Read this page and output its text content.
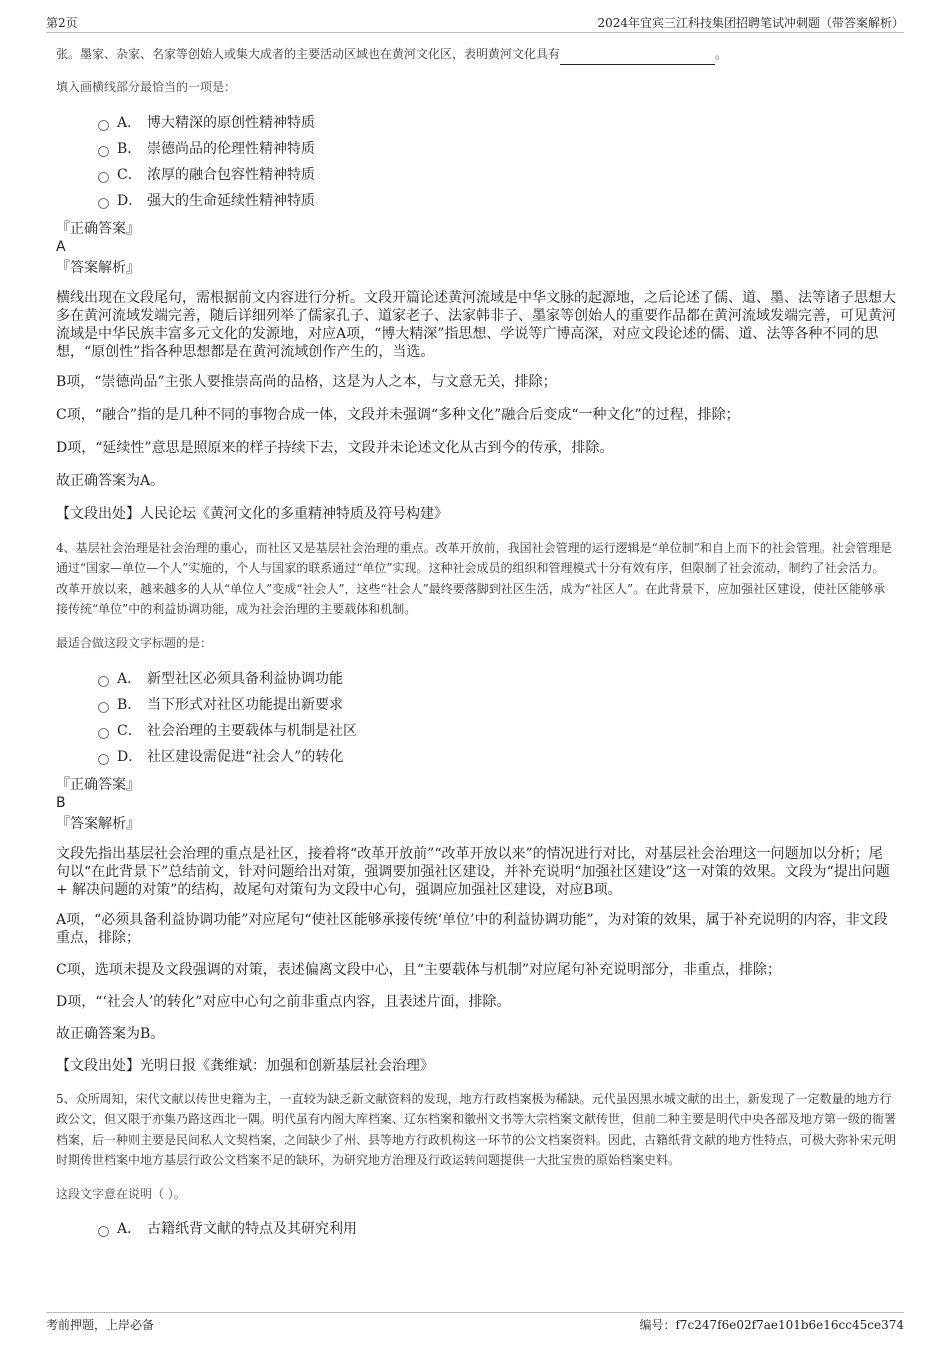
第2页	2024年宜宾三江科技集团招聘笔试冲刺题（带答案解析）

张。墨家、杂家、名家等创始人或集大成者的主要活动区域也在黄河文化区，表明黄河文化具有	。

填入画横线部分最恰当的一项是：

A． 博大精深的原创性精神特质
B． 崇德尚品的伦理性精神特质
C． 浓厚的融合包容性精神特质
D． 强大的生命延续性精神特质

『正确答案』

A

『答案解析』

横线出现在文段尾句，需根据前文内容进行分析。文段开篇论述黄河流域是中华文脉的起源地，之后论述了儒、道、墨、法等诸子思想大多在黄河流域发端完善，随后详细列举了儒家孔子、道家老子、法家韩非子、墨家等创始人的重要作品都在黄河流域发端完善，可见黄河流域是中华民族丰富多元文化的发源地，对应A项，“博大精深”指思想、学说等广博高深，对应文段论述的儒、道、法等各种不同的思想，“原创性”指各种思想都是在黄河流域创作产生的，当选。

B项，“崇德尚品”主张人要推崇高尚的品格，这是为人之本，与文意无关，排除；

C项，“融合”指的是几种不同的事物合成一体，文段并未强调“多种文化”融合后变成“一种文化”的过程，排除；

D项，“延续性”意思是照原来的样子持续下去，文段并未论述文化从古到今的传承，排除。

故正确答案为A。

【文段出处】人民论坛《黄河文化的多重精神特质及符号构建》

4、基层社会治理是社会治理的重心，而社区又是基层社会治理的重点。改革开放前，我国社会管理的运行逻辑是“单位制”和自上而下的社会管理。社会管理是通过“国家—单位—个人”实施的，个人与国家的联系通过“单位”实现。这种社会成员的组织和管理模式十分有效有序，但限制了社会流动，制约了社会活力。改革开放以来，越来越多的人从“单位人”变成“社会人”，这些“社会人”最终要落脚到社区生活，成为“社区人”。在此背景下，应加强社区建设，使社区能够承接传统“单位”中的利益协调功能，成为社会治理的主要载体和机制。

最适合做这段文字标题的是：

A． 新型社区必须具备利益协调功能
B． 当下形式对社区功能提出新要求
C． 社会治理的主要载体与机制是社区
D． 社区建设需促进“社会人”的转化

『正确答案』

B

『答案解析』

文段先指出基层社会治理的重点是社区，接着将“改革开放前”“改革开放以来”的情况进行对比，对基层社会治理这一问题加以分析；尾句以“在此背景下”总结前文，针对问题给出对策，强调要加强社区建设，并补充说明“加强社区建设”这一对策的效果。文段为“提出问题 + 解决问题的对策”的结构，故尾句对策句为文段中心句，强调应加强社区建设，对应B项。

A项，“必须具备利益协调功能”对应尾句“使社区能够承接传统‘单位’中的利益协调功能”，为对策的效果，属于补充说明的内容，非文段重点，排除；

C项，选项未提及文段强调的对策，表述偏离文段中心，且“主要载体与机制”对应尾句补充说明部分，非重点，排除；

D项，“‘社会人’的转化”对应中心句之前非重点内容，且表述片面，排除。

故正确答案为B。

【文段出处】光明日报《龚维斌：加强和创新基层社会治理》

5、众所周知，宋代文献以传世史籍为主，一直较为缺乏新文献资料的发现，地方行政档案极为稀缺。元代虽因黑水城文献的出土，新发现了一定数量的地方行政公文，但又限于亦集乃路这西北一隅。明代虽有内阁大库档案、辽东档案和徽州文书等大宗档案文献传世，但前二种主要是明代中央各部及地方第一级的衙署档案，后一种则主要是民间私人文契档案，之间缺少了州、县等地方行政机构这一环节的公文档案资料。因此，古籍纸背文献的地方性特点，可极大弥补宋元明时期传世档案中地方基层行政公文档案不足的缺环，为研究地方治理及行政运转问题提供一大批宝贵的原始档案史料。

这段文字意在说明（ ）。

A． 古籍纸背文献的特点及其研究利用
考前押题，上岸必备	编号：f7c247f6e02f7ae101b6e16cc45ce374
